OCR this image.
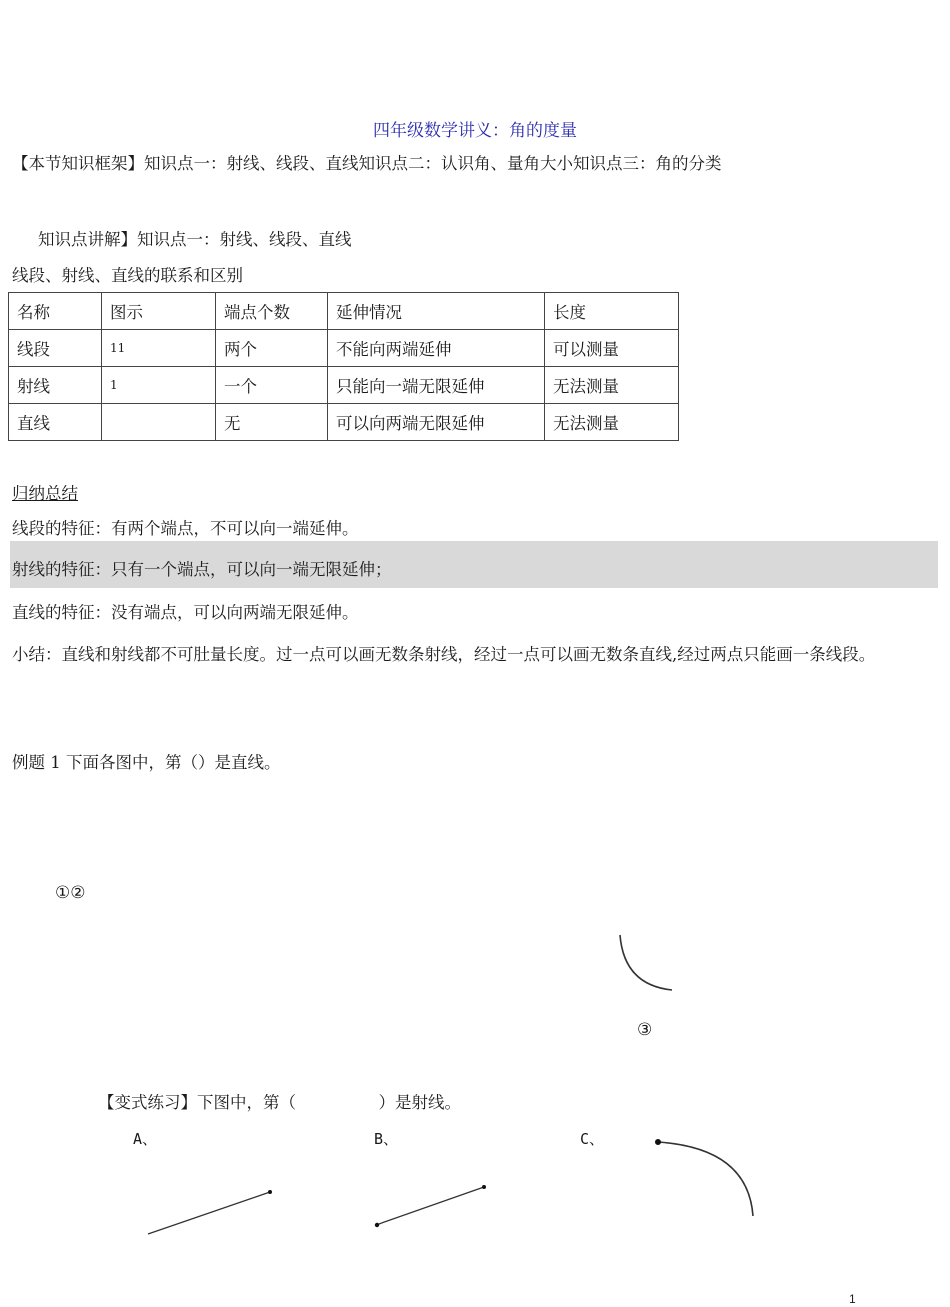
四年级数学讲义：角的度量
【本节知识框架】知识点一：射线、线段、直线知识点二：认识角、量角大小知识点三：角的分类
知识点讲解】知识点一：射线、线段、直线
线段、射线、直线的联系和区别
名称	图示	端点个数	延伸情况	长度
线段	11	两个	不能向两端延伸	可以测量
射线	1	一个	只能向一端无限延伸	无法测量
直线		无	可以向两端无限延伸	无法测量
归纳总结
线段的特征：有两个端点，不可以向一端延伸。
射线的特征：只有一个端点，可以向一端无限延伸；
直线的特征：没有端点，可以向两端无限延伸。
小结：直线和射线都不可肚量长度。过一点可以画无数条射线，经过一点可以画无数条直线,经过两点只能画一条线段。
例题 1 下面各图中，第（）是直线。
①②
③
【变式练习】下图中，第（　　　　　）是射线。
A、	B、	C、
1
